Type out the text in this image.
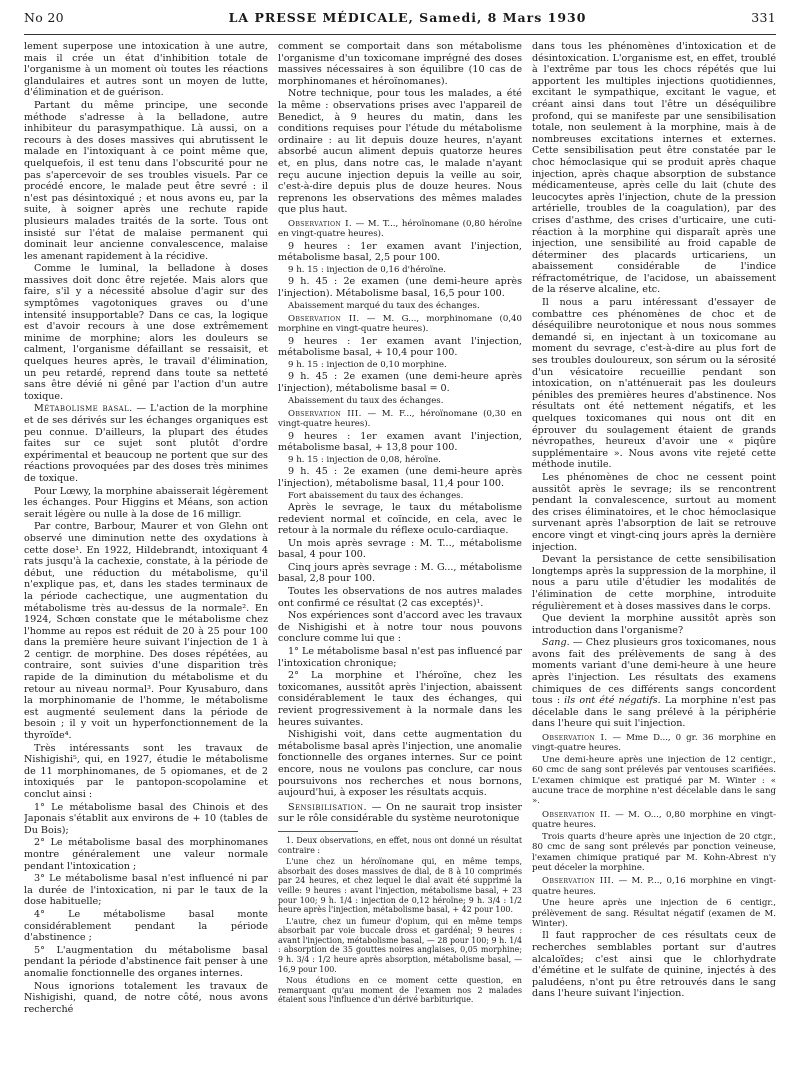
No 20	LA PRESSE MÉDICALE, Samedi, 8 Mars 1930	331

lement superpose une intoxication à une autre, mais il crée un état d'inhibition totale de l'organisme à un moment où toutes les réactions glandulaires et autres sont un moyen de lutte, d'élimination et de guérison.

Partant du même principe, une seconde méthode s'adresse à la belladone, autre inhibiteur du parasympathique. Là aussi, on a recours à des doses massives qui abrutissent le malade en l'intoxiquant à ce point même que, quelquefois, il est tenu dans l'obscurité pour ne pas s'apercevoir de ses troubles visuels. Par ce procédé encore, le malade peut être sevré : il n'est pas désintoxiqué ; et nous avons eu, par la suite, à soigner après une rechute rapide plusieurs malades traités de la sorte. Tous ont insisté sur l'état de malaise permanent qui dominait leur ancienne convalescence, malaise les amenant rapidement à la récidive.

Comme le luminal, la belladone à doses massives doit donc être rejetée. Mais alors que faire, s'il y a nécessité absolue d'agir sur des symptômes vagotoniques graves ou d'une intensité insupportable? Dans ce cas, la logique est d'avoir recours à une dose extrêmement minime de morphine; alors les douleurs se calment, l'organisme défaillant se ressaisit, et quelques heures après, le travail d'élimination, un peu retardé, reprend dans toute sa netteté sans être dévié ni gêné par l'action d'un autre toxique.

Métabolisme basal. — L'action de la morphine et de ses dérivés sur les échanges organiques est peu connue. D'ailleurs, la plupart des études faites sur ce sujet sont plutôt d'ordre expérimental et beaucoup ne portent que sur des réactions provoquées par des doses très minimes de toxique.

Pour Lœwy, la morphine abaisserait légèrement les échanges. Pour Higgins et Méans, son action serait légère ou nulle à la dose de 16 milligr.

Par contre, Barbour, Maurer et von Glehn ont observé une diminution nette des oxydations à cette dose¹. En 1922, Hildebrandt, intoxiquant 4 rats jusqu'à la cachexie, constate, à la période de début, une réduction du métabolisme, qu'il n'explique pas, et, dans les stades terminaux de la période cachectique, une augmentation du métabolisme très au-dessus de la normale². En 1924, Schœn constate que le métabolisme chez l'homme au repos est réduit de 20 à 25 pour 100 dans la première heure suivant l'injection de 1 à 2 centigr. de morphine. Des doses répétées, au contraire, sont suivies d'une disparition très rapide de la diminution du métabolisme et du retour au niveau normal³. Pour Kyusaburo, dans la morphinomanie de l'homme, le métabolisme est augmenté seulement dans la période de besoin ; il y voit un hyperfonctionnement de la thyroïde⁴.

Très intéressants sont les travaux de Nishigishi⁵, qui, en 1927, étudie le métabolisme de 11 morphinomanes, de 5 opiomanes, et de 2 intoxiqués par le pantopon-scopolamine et conclut ainsi :

1° Le métabolisme basal des Chinois et des Japonais s'établit aux environs de + 10 (tables de Du Bois);

2° Le métabolisme basal des morphinomanes montre généralement une valeur normale pendant l'intoxication ;

3° Le métabolisme basal n'est influencé ni par la durée de l'intoxication, ni par le taux de la dose habituelle;

4° Le métabolisme basal monte considérablement pendant la période d'abstinence ;

5° L'augmentation du métabolisme basal pendant la période d'abstinence fait penser à une anomalie fonctionnelle des organes internes.

Nous ignorions totalement les travaux de Nishigishi, quand, de notre côté, nous avons recherché

comment se comportait dans son métabolisme l'organisme d'un toxicomane imprégné des doses massives nécessaires à son équilibre (10 cas de morphinomanes et héroïnomanes).

Notre technique, pour tous les malades, a été la même : observations prises avec l'appareil de Benedict, à 9 heures du matin, dans les conditions requises pour l'étude du métabolisme ordinaire : au lit depuis douze heures, n'ayant absorbé aucun aliment depuis quatorze heures et, en plus, dans notre cas, le malade n'ayant reçu aucune injection depuis la veille au soir, c'est-à-dire depuis plus de douze heures. Nous reprenons les observations des mêmes malades que plus haut.

Observation I. — M. T..., héroïnomane (0,80 héroïne en vingt-quatre heures).

9 heures : 1er examen avant l'injection, métabolisme basal, 2,5 pour 100.

9 h. 15 : injection de 0,16 d'héroïne.

9 h. 45 : 2e examen (une demi-heure après l'injection). Métabolisme basal, 16,5 pour 100.

Abaissement marqué du taux des échanges.

Observation II. — M. G..., morphinomane (0,40 morphine en vingt-quatre heures).

9 heures : 1er examen avant l'injection, métabolisme basal, + 10,4 pour 100.

9 h. 15 : injection de 0,10 morphine.

9 h. 45 : 2e examen (une demi-heure après l'injection), métabolisme basal = 0.

Abaissement du taux des échanges.

Observation III. — M. F..., héroïnomane (0,30 en vingt-quatre heures).

9 heures : 1er examen avant l'injection, métabolisme basal, + 13,8 pour 100.

9 h. 15 : injection de 0,08, héroïne.

9 h. 45 : 2e examen (une demi-heure après l'injection), métabolisme basal, 11,4 pour 100.

Fort abaissement du taux des échanges.

Après le sevrage, le taux du métabolisme redevient normal et coïncide, en cela, avec le retour à la normale du réflexe oculo-cardiaque.

Un mois après sevrage : M. T..., métabolisme basal, 4 pour 100.

Cinq jours après sevrage : M. G..., métabolisme basal, 2,8 pour 100.

Toutes les observations de nos autres malades ont confirmé ce résultat (2 cas exceptés)¹.

Nos expériences sont d'accord avec les travaux de Nishigishi et à notre tour nous pouvons conclure comme lui que :

1° Le métabolisme basal n'est pas influencé par l'intoxication chronique;

2° La morphine et l'héroïne, chez les toxicomanes, aussitôt après l'injection, abaissent considérablement le taux des échanges, qui revient progressivement à la normale dans les heures suivantes.

Nishigishi voit, dans cette augmentation du métabolisme basal après l'injection, une anomalie fonctionnelle des organes internes. Sur ce point encore, nous ne voulons pas conclure, car nous poursuivons nos recherches et nous bornons, aujourd'hui, à exposer les résultats acquis.

Sensibilisation. — On ne saurait trop insister sur le rôle considérable du système neurotonique

1. Deux observations, en effet, nous ont donné un résultat contraire :

L'une chez un héroïnomane qui, en même temps, absorbait des doses massives de dial, de 8 à 10 comprimés par 24 heures, et chez lequel le dial avait été supprimé la veille: 9 heures : avant l'injection, métabolisme basal, + 23 pour 100; 9 h. 1/4 : injection de 0,12 héroïne; 9 h. 3/4 : 1/2 heure après l'injection, métabolisme basal, + 42 pour 100.

L'autre, chez un fumeur d'opium, qui en même temps absorbait par voie buccale dross et gardénal; 9 heures : avant l'injection, métabolisme basal, — 28 pour 100; 9 h. 1/4 : absorption de 35 gouttes noires anglaises, 0,05 morphine; 9 h. 3/4 : 1/2 heure après absorption, métabolisme basal, — 16,9 pour 100.

Nous étudions en ce moment cette question, en remarquant qu'au moment de l'examen nos 2 malades étaient sous l'influence d'un dérivé barbiturique.

dans tous les phénomènes d'intoxication et de désintoxication. L'organisme est, en effet, troublé à l'extrême par tous les chocs répétés que lui apportent les multiples injections quotidiennes, excitant le sympathique, excitant le vague, et créant ainsi dans tout l'être un déséquilibre profond, qui se manifeste par une sensibilisation totale, non seulement à la morphine, mais à de nombreuses excitations internes et externes. Cette sensibilisation peut être constatée par le choc hémoclasique qui se produit après chaque injection, après chaque absorption de substance médicamenteuse, après celle du lait (chute des leucocytes après l'injection, chute de la pression artérielle, troubles de la coagulation), par des crises d'asthme, des crises d'urticaire, une cuti-réaction à la morphine qui disparaît après une injection, une sensibilité au froid capable de déterminer des placards urticariens, un abaissement considérable de l'indice réfractométrique, de l'acidose, un abaissement de la réserve alcaline, etc.

Il nous a paru intéressant d'essayer de combattre ces phénomènes de choc et de déséquilibre neurotonique et nous nous sommes demandé si, en injectant à un toxicomane au moment du sevrage, c'est-à-dire au plus fort de ses troubles douloureux, son sérum ou la sérosité d'un vésicatoire recueillie pendant son intoxication, on n'atténuerait pas les douleurs pénibles des premières heures d'abstinence. Nos résultats ont été nettement négatifs, et les quelques toxicomanes qui nous ont dit en éprouver du soulagement étaient de grands névropathes, heureux d'avoir une « piqûre supplémentaire ». Nous avons vite rejeté cette méthode inutile.

Les phénomènes de choc ne cessent point aussitôt après le sevrage; ils se rencontrent pendant la convalescence, surtout au moment des crises éliminatoires, et le choc hémoclasique survenant après l'absorption de lait se retrouve encore vingt et vingt-cinq jours après la dernière injection.

Devant la persistance de cette sensibilisation longtemps après la suppression de la morphine, il nous a paru utile d'étudier les modalités de l'élimination de cette morphine, introduite régulièrement et à doses massives dans le corps.

Que devient la morphine aussitôt après son introduction dans l'organisme?

Sang. — Chez plusieurs gros toxicomanes, nous avons fait des prélèvements de sang à des moments variant d'une demi-heure à une heure après l'injection. Les résultats des examens chimiques de ces différents sangs concordent tous : ils ont été négatifs. La morphine n'est pas décelable dans le sang prélevé à la périphérie dans l'heure qui suit l'injection.

Observation I. — Mme D..., 0 gr. 36 morphine en vingt-quatre heures.

Une demi-heure après une injection de 12 centigr., 60 cmc de sang sont prélevés par ventouses scarifiées. L'examen chimique est pratiqué par M. Winter : « aucune trace de morphine n'est décelable dans le sang ».

Observation II. — M. O..., 0,80 morphine en vingt-quatre heures.

Trois quarts d'heure après une injection de 20 ctgr., 80 cmc de sang sont prélevés par ponction veineuse, l'examen chimique pratiqué par M. Kohn-Abrest n'y peut déceler la morphine.

Observation III. — M. P..., 0,16 morphine en vingt-quatre heures.

Une heure après une injection de 6 centigr., prélèvement de sang. Résultat négatif (examen de M. Winter).

Il faut rapprocher de ces résultats ceux de recherches semblables portant sur d'autres alcaloïdes; c'est ainsi que le chlorhydrate d'émétine et le sulfate de quinine, injectés à des paludéens, n'ont pu être retrouvés dans le sang dans l'heure suivant l'injection.
